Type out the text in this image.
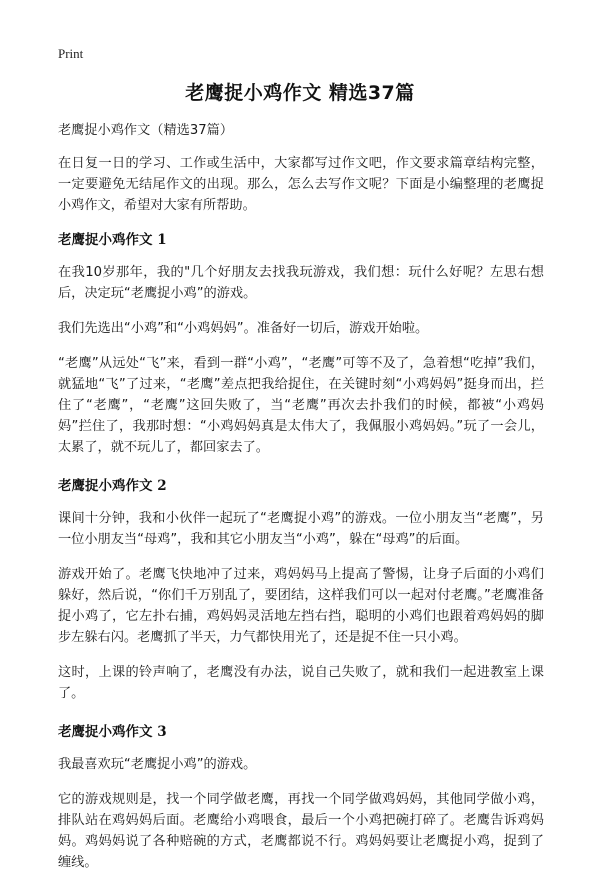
Print
老鹰捉小鸡作文 精选37篇

老鹰捉小鸡作文（精选37篇）

在日复一日的学习、工作或生活中，大家都写过作文吧，作文要求篇章结构完整，一定要避免无结尾作文的出现。那么，怎么去写作文呢？下面是小编整理的老鹰捉小鸡作文，希望对大家有所帮助。

老鹰捉小鸡作文 1

在我10岁那年，我的"几个好朋友去找我玩游戏，我们想：玩什么好呢？左思右想后，决定玩“老鹰捉小鸡”的游戏。

我们先选出“小鸡”和“小鸡妈妈”。准备好一切后，游戏开始啦。

“老鹰”从远处“飞”来，看到一群“小鸡”，“老鹰”可等不及了，急着想“吃掉”我们，就猛地“飞”了过来，“老鹰”差点把我给捉住，在关键时刻“小鸡妈妈”挺身而出，拦住了“老鹰”，“老鹰”这回失败了，当“老鹰”再次去扑我们的时候，都被“小鸡妈妈”拦住了，我那时想：“小鸡妈妈真是太伟大了，我佩服小鸡妈妈。”玩了一会儿，太累了，就不玩儿了，都回家去了。

老鹰捉小鸡作文 2

课间十分钟，我和小伙伴一起玩了“老鹰捉小鸡”的游戏。一位小朋友当“老鹰”，另一位小朋友当“母鸡”，我和其它小朋友当“小鸡”，躲在“母鸡”的后面。

游戏开始了。老鹰飞快地冲了过来，鸡妈妈马上提高了警惕，让身子后面的小鸡们躲好，然后说，“你们千万别乱了，要团结，这样我们可以一起对付老鹰。”老鹰准备捉小鸡了，它左扑右捕，鸡妈妈灵活地左挡右挡，聪明的小鸡们也跟着鸡妈妈的脚步左躲右闪。老鹰抓了半天，力气都快用光了，还是捉不住一只小鸡。

这时，上课的铃声响了，老鹰没有办法，说自己失败了，就和我们一起进教室上课了。

老鹰捉小鸡作文 3

我最喜欢玩“老鹰捉小鸡”的游戏。

它的游戏规则是，找一个同学做老鹰，再找一个同学做鸡妈妈，其他同学做小鸡，排队站在鸡妈妈后面。老鹰给小鸡喂食，最后一个小鸡把碗打碎了。老鹰告诉鸡妈妈。鸡妈妈说了各种赔碗的方式，老鹰都说不行。鸡妈妈要让老鹰捉小鸡，捉到了缠线。
